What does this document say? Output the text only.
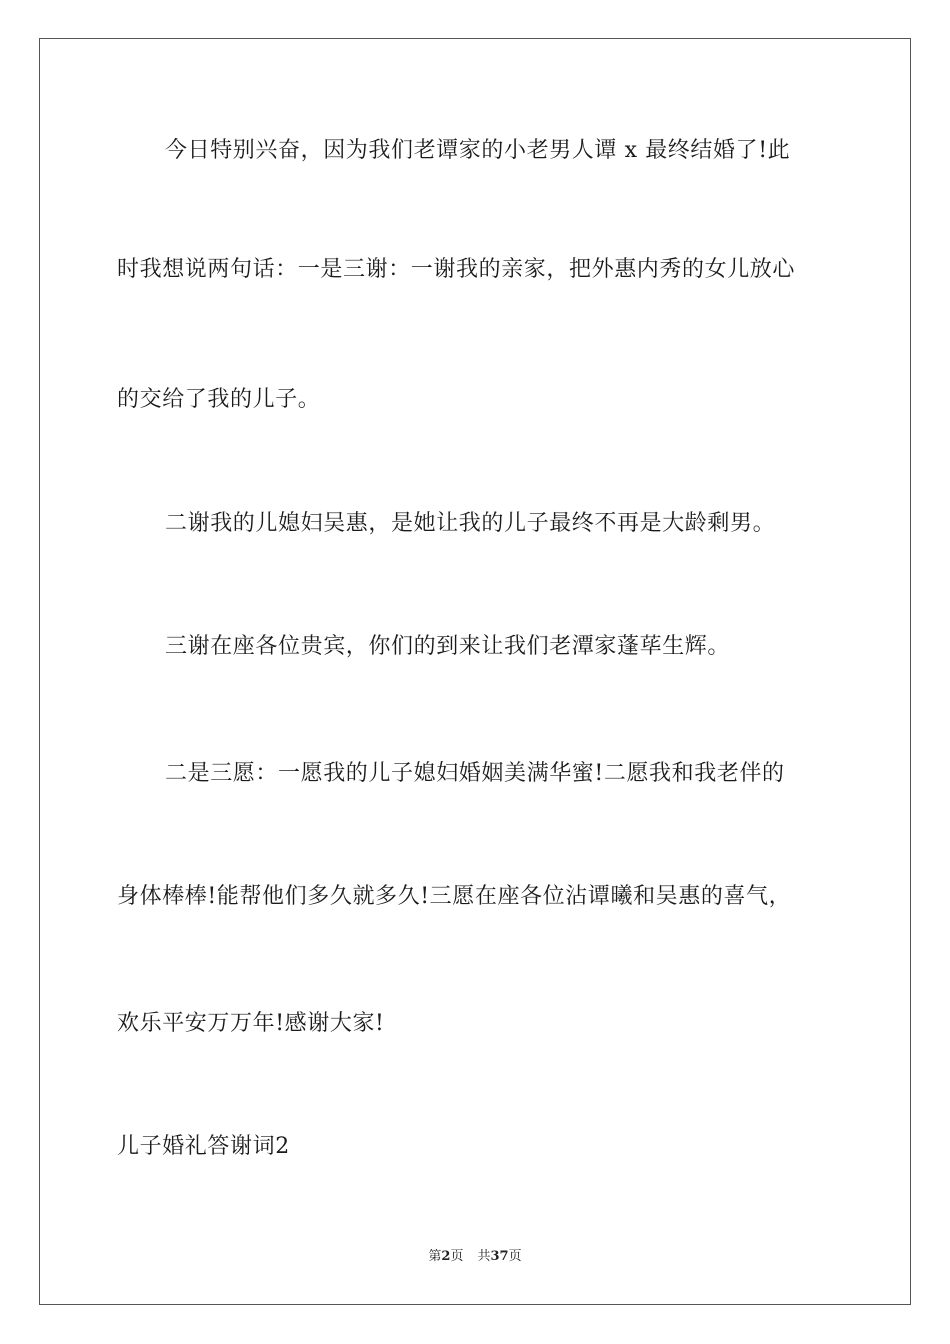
今日特别兴奋，因为我们老谭家的小老男人谭 x 最终结婚了!此
时我想说两句话：一是三谢：一谢我的亲家，把外惠内秀的女儿放心
的交给了我的儿子。
二谢我的儿媳妇吴惠，是她让我的儿子最终不再是大龄剩男。
三谢在座各位贵宾，你们的到来让我们老潭家蓬荜生辉。
二是三愿：一愿我的儿子媳妇婚姻美满华蜜!二愿我和我老伴的
身体棒棒!能帮他们多久就多久!三愿在座各位沾谭曦和吴惠的喜气，
欢乐平安万万年!感谢大家!
儿子婚礼答谢词2
第2页 共37页
